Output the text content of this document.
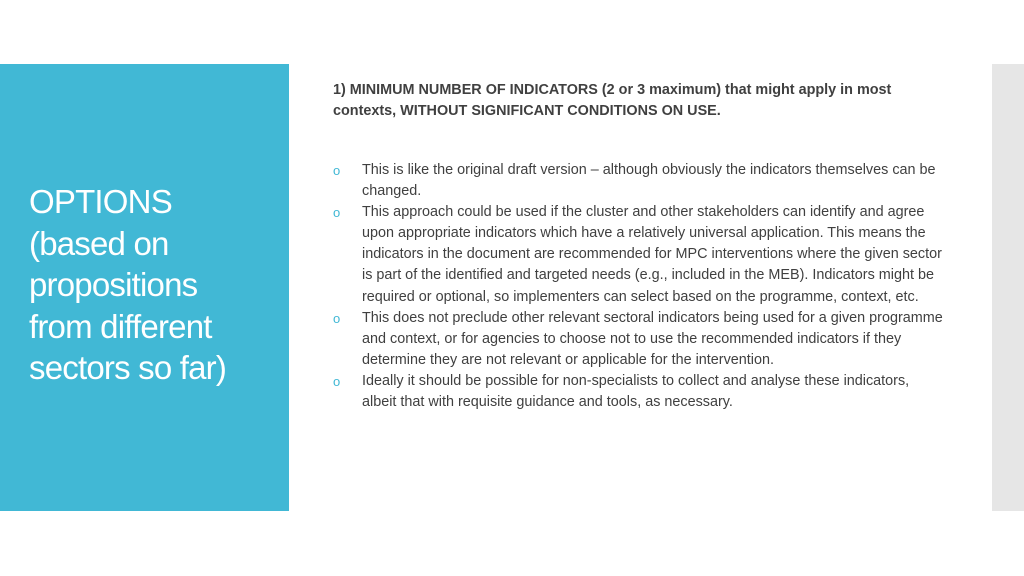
OPTIONS
(based on
propositions
from different
sectors so far)
1) MINIMUM NUMBER OF INDICATORS (2 or 3 maximum) that might apply in most contexts, WITHOUT SIGNIFICANT CONDITIONS ON USE.
o This is like the original draft version – although obviously the indicators themselves can be changed.
o This approach could be used if the cluster and other stakeholders can identify and agree upon appropriate indicators which have a relatively universal application. This means the indicators in the document are recommended for MPC interventions where the given sector is part of the identified and targeted needs (e.g., included in the MEB). Indicators might be required or optional, so implementers can select based on the programme, context, etc.
o This does not preclude other relevant sectoral indicators being used for a given programme and context, or for agencies to choose not to use the recommended indicators if they determine they are not relevant or applicable for the intervention.
o Ideally it should be possible for non-specialists to collect and analyse these indicators, albeit that with requisite guidance and tools, as necessary.
